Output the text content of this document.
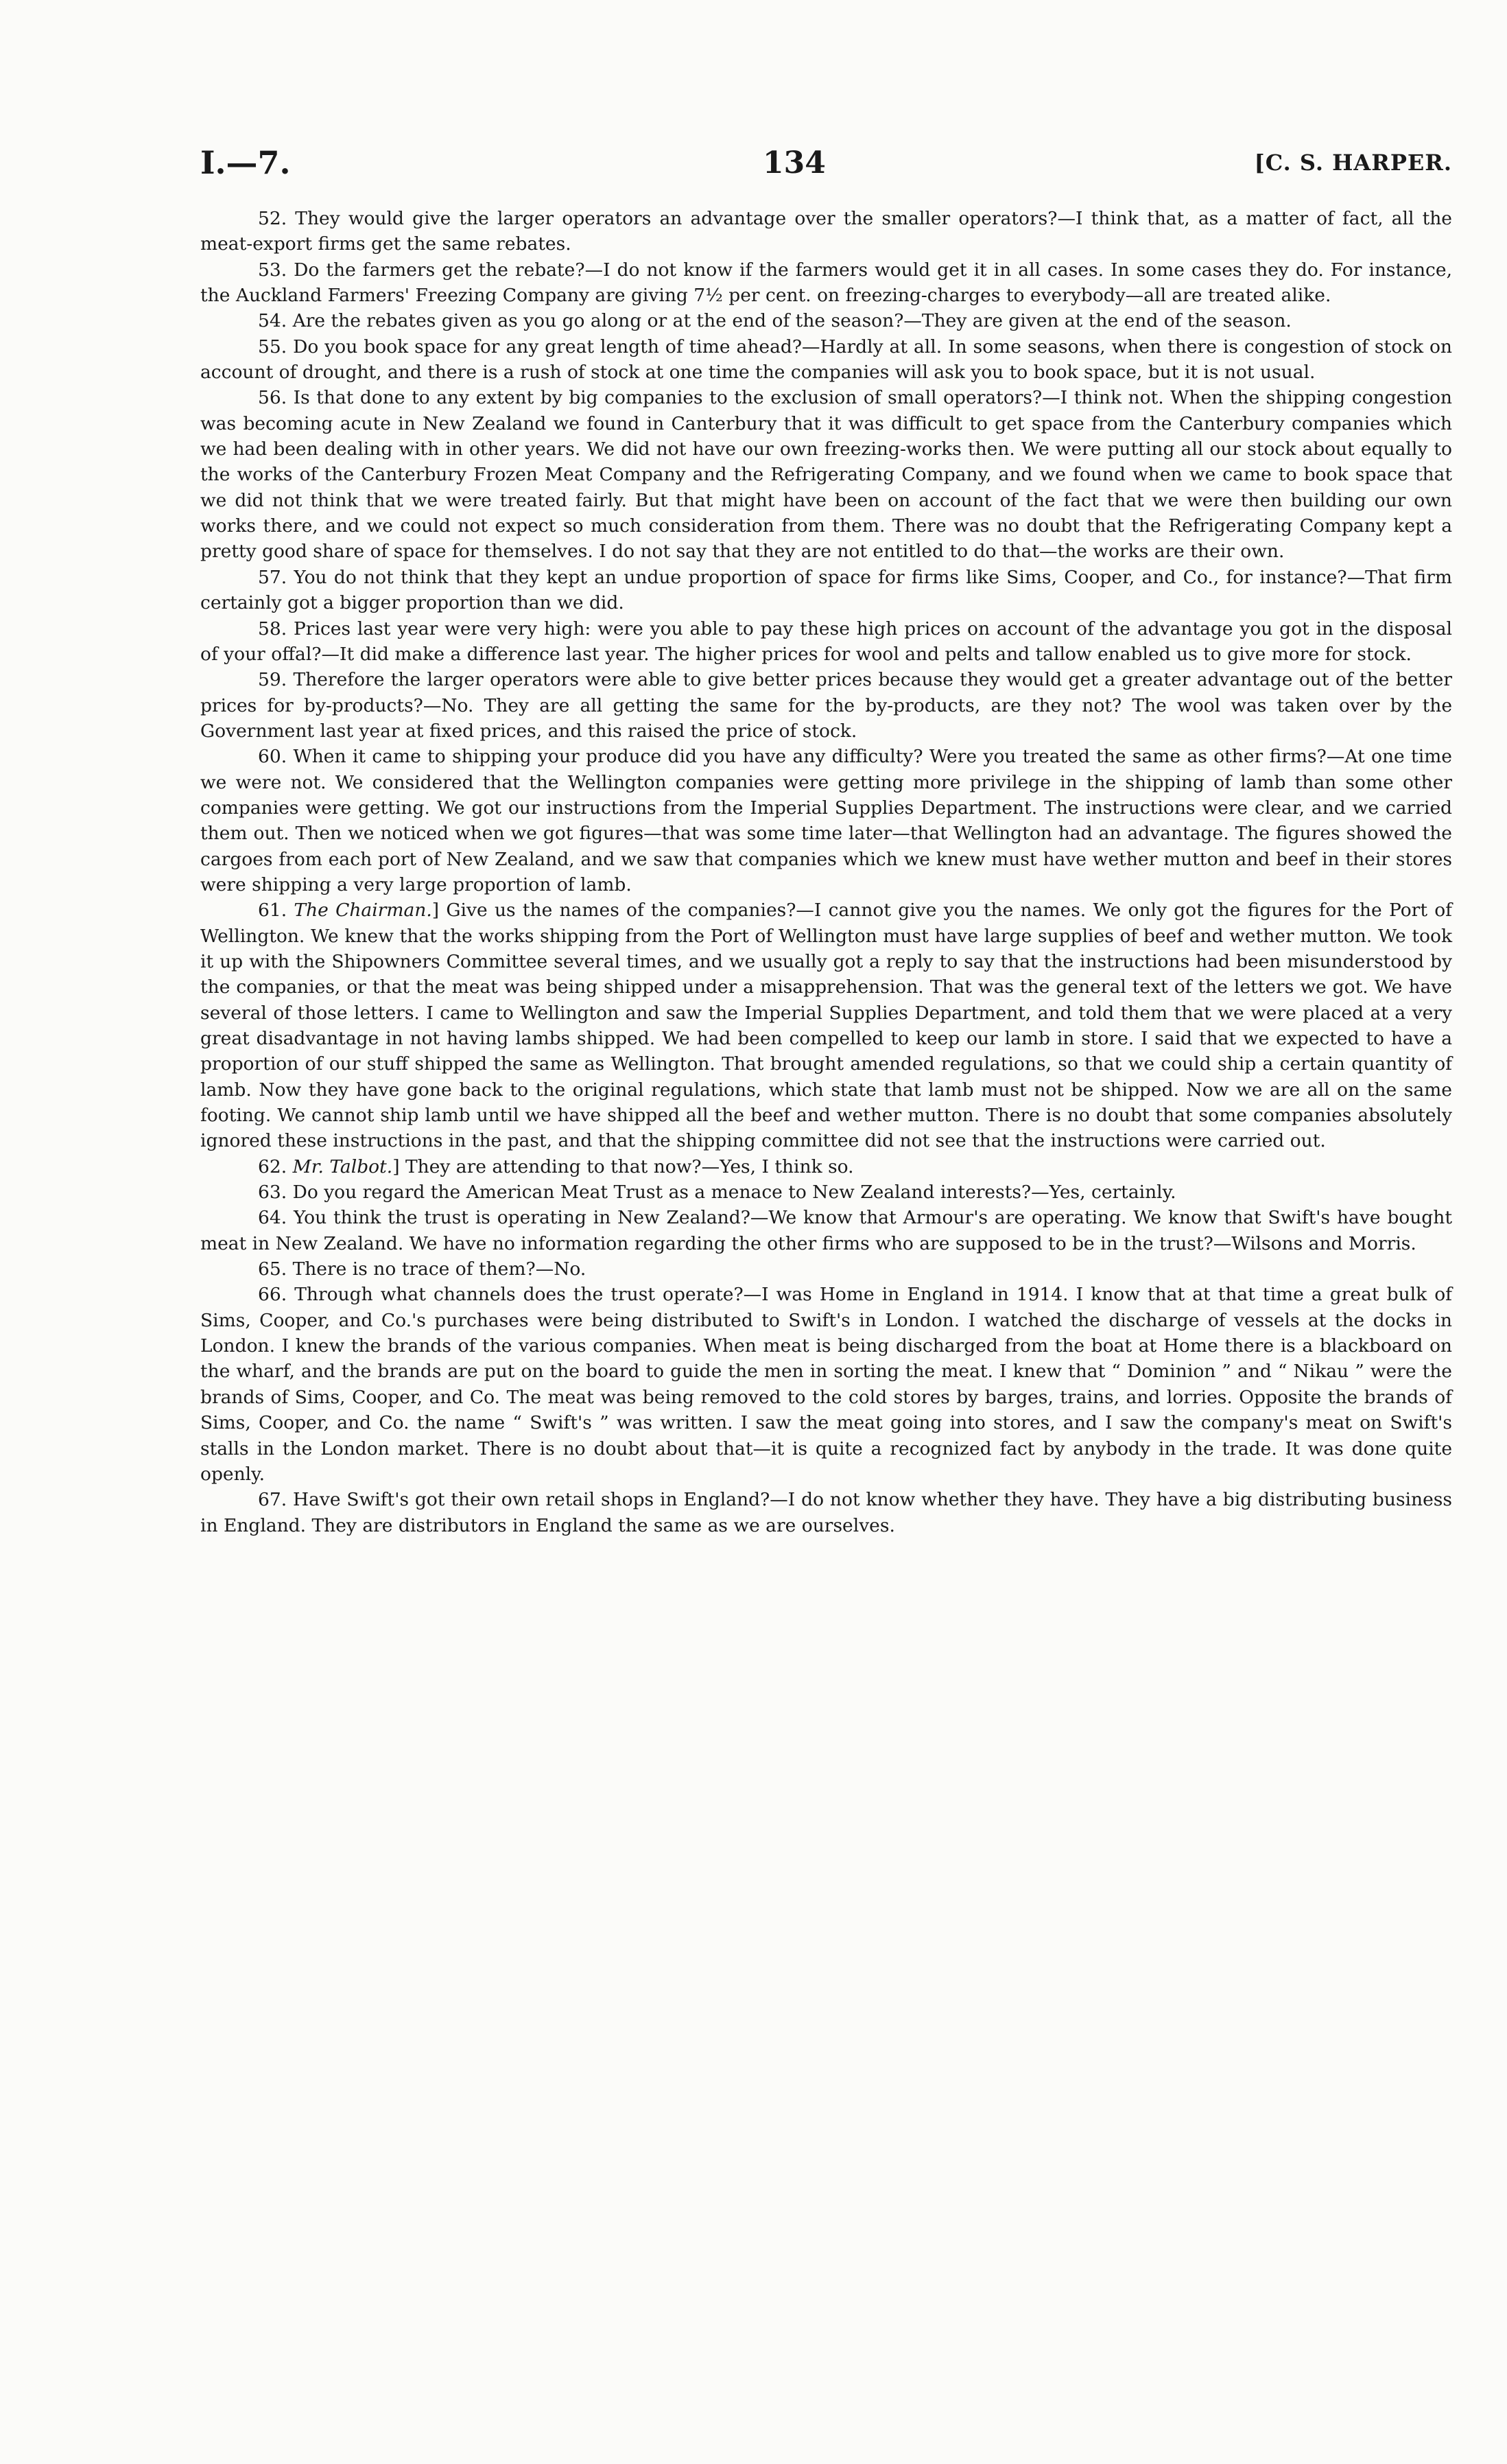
I.—7.	134	[C. S. HARPER.

52. They would give the larger operators an advantage over the smaller operators?—I think that, as a matter of fact, all the meat-export firms get the same rebates.

53. Do the farmers get the rebate?—I do not know if the farmers would get it in all cases. In some cases they do. For instance, the Auckland Farmers' Freezing Company are giving 7½ per cent. on freezing-charges to everybody—all are treated alike.

54. Are the rebates given as you go along or at the end of the season?—They are given at the end of the season.

55. Do you book space for any great length of time ahead?—Hardly at all. In some seasons, when there is congestion of stock on account of drought, and there is a rush of stock at one time the companies will ask you to book space, but it is not usual.

56. Is that done to any extent by big companies to the exclusion of small operators?—I think not. When the shipping congestion was becoming acute in New Zealand we found in Canterbury that it was difficult to get space from the Canterbury companies which we had been dealing with in other years. We did not have our own freezing-works then. We were putting all our stock about equally to the works of the Canterbury Frozen Meat Company and the Refrigerating Company, and we found when we came to book space that we did not think that we were treated fairly. But that might have been on account of the fact that we were then building our own works there, and we could not expect so much consideration from them. There was no doubt that the Refrigerating Company kept a pretty good share of space for themselves. I do not say that they are not entitled to do that—the works are their own.

57. You do not think that they kept an undue proportion of space for firms like Sims, Cooper, and Co., for instance?—That firm certainly got a bigger proportion than we did.

58. Prices last year were very high: were you able to pay these high prices on account of the advantage you got in the disposal of your offal?—It did make a difference last year. The higher prices for wool and pelts and tallow enabled us to give more for stock.

59. Therefore the larger operators were able to give better prices because they would get a greater advantage out of the better prices for by-products?—No. They are all getting the same for the by-products, are they not? The wool was taken over by the Government last year at fixed prices, and this raised the price of stock.

60. When it came to shipping your produce did you have any difficulty? Were you treated the same as other firms?—At one time we were not. We considered that the Wellington companies were getting more privilege in the shipping of lamb than some other companies were getting. We got our instructions from the Imperial Supplies Department. The instructions were clear, and we carried them out. Then we noticed when we got figures—that was some time later—that Wellington had an advantage. The figures showed the cargoes from each port of New Zealand, and we saw that companies which we knew must have wether mutton and beef in their stores were shipping a very large proportion of lamb.

61. The Chairman.] Give us the names of the companies?—I cannot give you the names. We only got the figures for the Port of Wellington. We knew that the works shipping from the Port of Wellington must have large supplies of beef and wether mutton. We took it up with the Shipowners Committee several times, and we usually got a reply to say that the instructions had been misunderstood by the companies, or that the meat was being shipped under a misapprehension. That was the general text of the letters we got. We have several of those letters. I came to Wellington and saw the Imperial Supplies Department, and told them that we were placed at a very great disadvantage in not having lambs shipped. We had been compelled to keep our lamb in store. I said that we expected to have a proportion of our stuff shipped the same as Wellington. That brought amended regulations, so that we could ship a certain quantity of lamb. Now they have gone back to the original regulations, which state that lamb must not be shipped. Now we are all on the same footing. We cannot ship lamb until we have shipped all the beef and wether mutton. There is no doubt that some companies absolutely ignored these instructions in the past, and that the shipping committee did not see that the instructions were carried out.

62. Mr. Talbot.] They are attending to that now?—Yes, I think so.

63. Do you regard the American Meat Trust as a menace to New Zealand interests?—Yes, certainly.

64. You think the trust is operating in New Zealand?—We know that Armour's are operating. We know that Swift's have bought meat in New Zealand. We have no information regarding the other firms who are supposed to be in the trust?—Wilsons and Morris.

65. There is no trace of them?—No.

66. Through what channels does the trust operate?—I was Home in England in 1914. I know that at that time a great bulk of Sims, Cooper, and Co.'s purchases were being distributed to Swift's in London. I watched the discharge of vessels at the docks in London. I knew the brands of the various companies. When meat is being discharged from the boat at Home there is a blackboard on the wharf, and the brands are put on the board to guide the men in sorting the meat. I knew that “ Dominion ” and “ Nikau ” were the brands of Sims, Cooper, and Co. The meat was being removed to the cold stores by barges, trains, and lorries. Opposite the brands of Sims, Cooper, and Co. the name “ Swift's ” was written. I saw the meat going into stores, and I saw the company's meat on Swift's stalls in the London market. There is no doubt about that—it is quite a recognized fact by anybody in the trade. It was done quite openly.

67. Have Swift's got their own retail shops in England?—I do not know whether they have. They have a big distributing business in England. They are distributors in England the same as we are ourselves.
